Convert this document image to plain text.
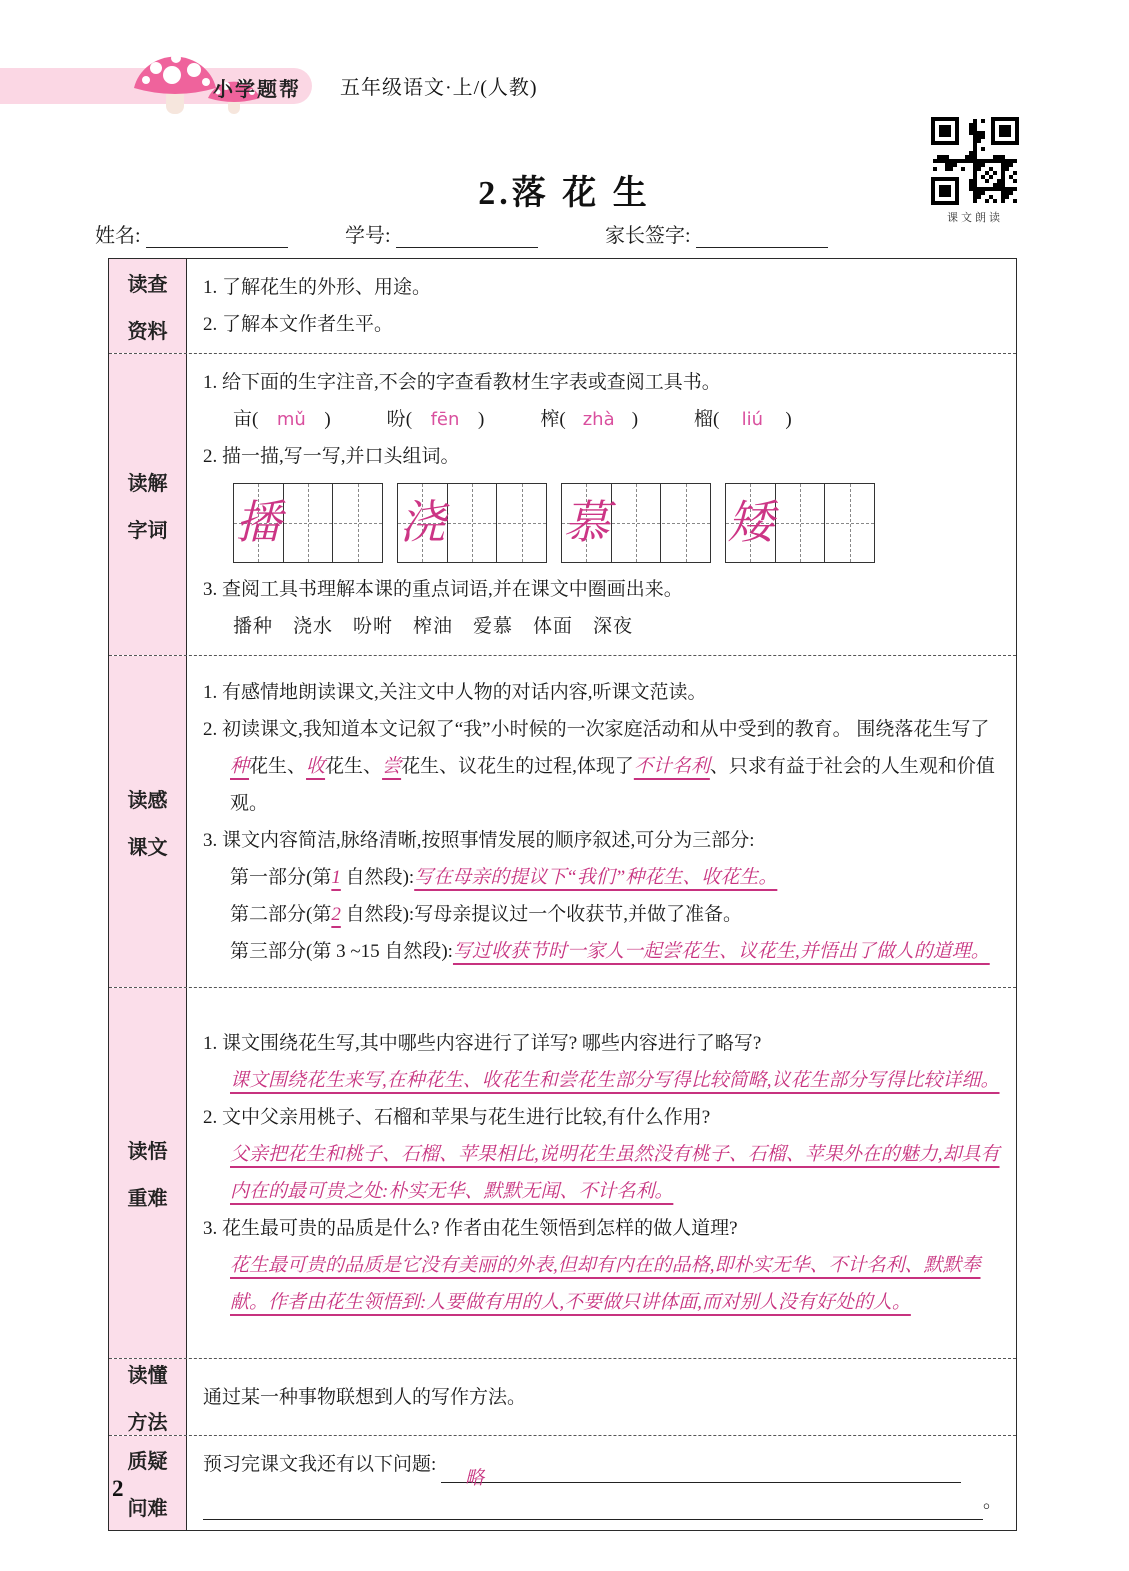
小学题帮 五年级语文·上/(人教)
课文朗读
2.落 花 生
姓名:	学号:	家长签字:
读查
资料
1. 了解花生的外形、用途。
2. 了解本文作者生平。
读解
字词
1. 给下面的生字注音,不会的字查看教材生字表或查阅工具书。
亩( mǔ )	吩( fēn )	榨( zhà )	榴( liú )
2. 描一描,写一写,并口头组词。
播	浇	慕	矮
3. 查阅工具书理解本课的重点词语,并在课文中圈画出来。
播种　浇水　吩咐　榨油　爱慕　体面　深夜
读感
课文
1. 有感情地朗读课文,关注文中人物的对话内容,听课文范读。
2. 初读课文,我知道本文记叙了“我”小时候的一次家庭活动和从中受到的教育。 围绕落花生写了种花生、收花生、尝花生、议花生的过程,体现了不计名利、只求有益于社会的人生观和价值观。
3. 课文内容简洁,脉络清晰,按照事情发展的顺序叙述,可分为三部分:
第一部分(第1 自然段):写在母亲的提议下“我们”种花生、收花生。
第二部分(第2 自然段):写母亲提议过一个收获节,并做了准备。
第三部分(第 3 ~15 自然段):写过收获节时一家人一起尝花生、议花生,并悟出了做人的道理。
读悟
重难
1. 课文围绕花生写,其中哪些内容进行了详写? 哪些内容进行了略写?
课文围绕花生来写,在种花生、收花生和尝花生部分写得比较简略,议花生部分写得比较详细。
2. 文中父亲用桃子、石榴和苹果与花生进行比较,有什么作用?
父亲把花生和桃子、石榴、苹果相比,说明花生虽然没有桃子、石榴、苹果外在的魅力,却具有内在的最可贵之处:朴实无华、默默无闻、不计名利。
3. 花生最可贵的品质是什么? 作者由花生领悟到怎样的做人道理?
花生最可贵的品质是它没有美丽的外表,但却有内在的品格,即朴实无华、不计名利、默默奉献。作者由花生领悟到:人要做有用的人,不要做只讲体面,而对别人没有好处的人。
读懂
方法
通过某一种事物联想到人的写作方法。
质疑
问难
预习完课文我还有以下问题: 略
。
2
